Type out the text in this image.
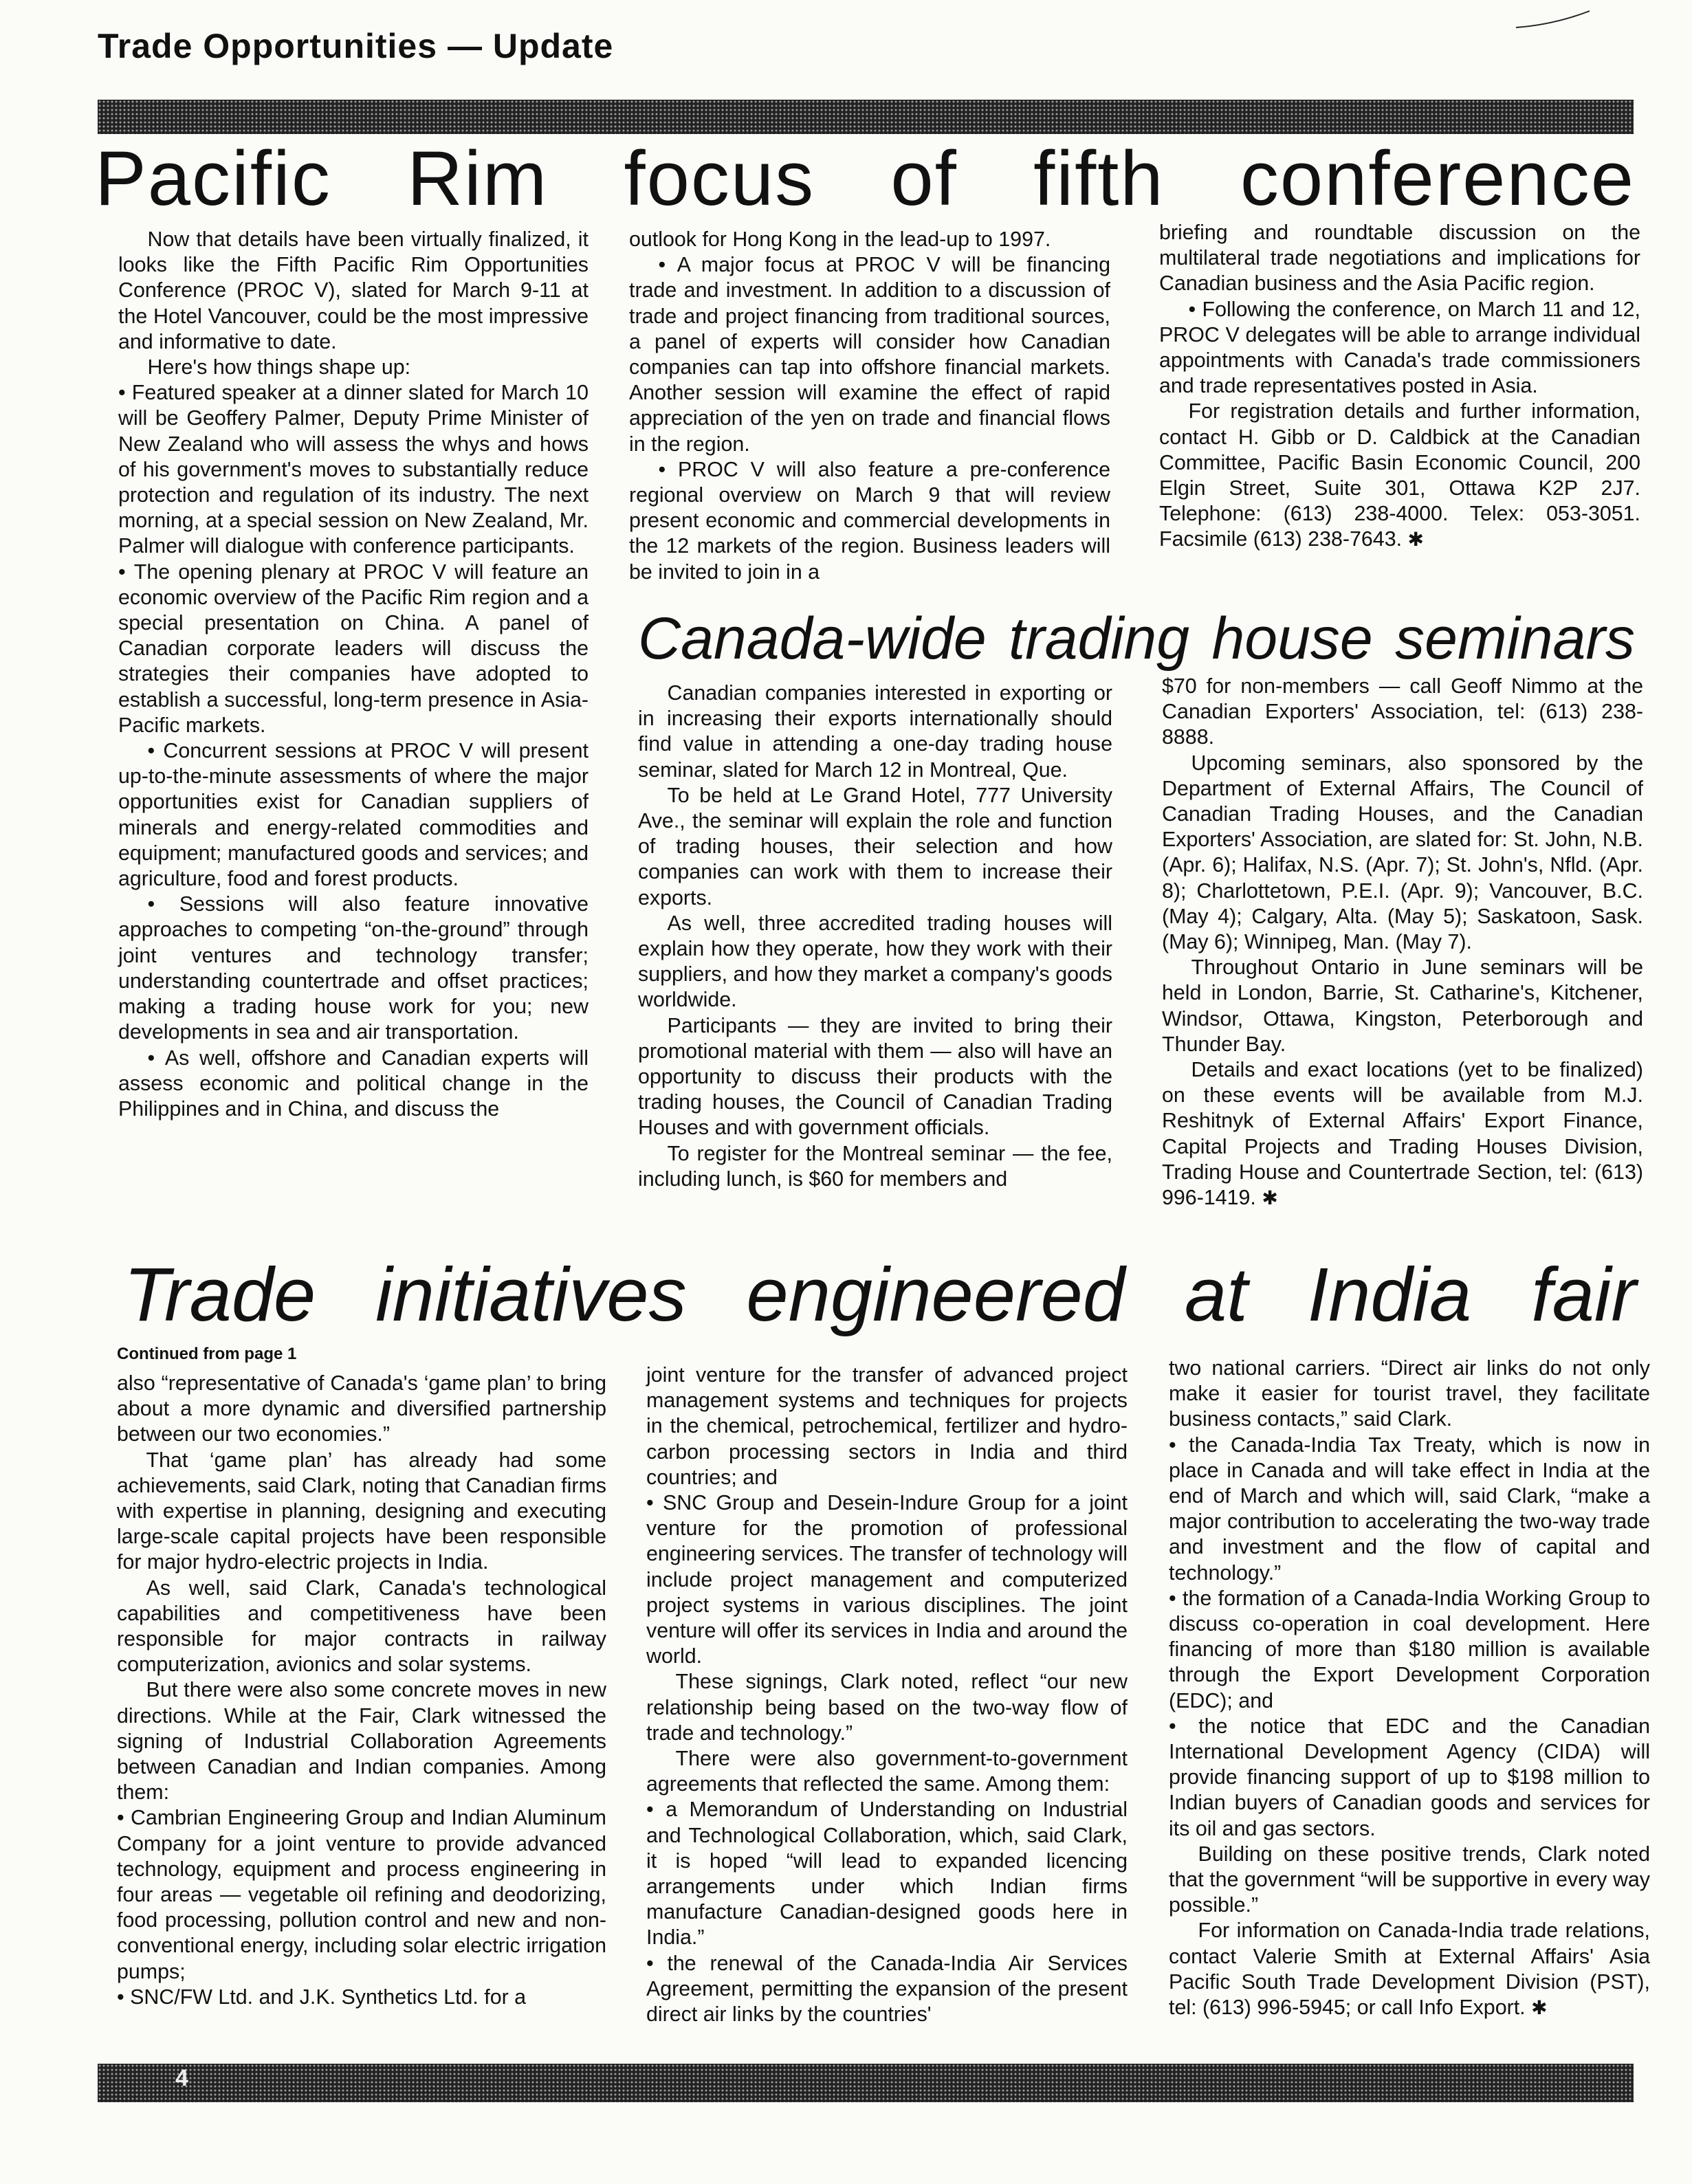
Trade Opportunities — Update

Pacific Rim focus of fifth conference

Now that details have been virtually finalized, it looks like the Fifth Pacific Rim Opportunities Conference (PROC V), slated for March 9-11 at the Hotel Vancouver, could be the most impressive and informative to date.

Here's how things shape up:

• Featured speaker at a dinner slated for March 10 will be Geoffery Palmer, Deputy Prime Minister of New Zealand who will assess the whys and hows of his government's moves to substantially reduce protection and regulation of its industry. The next morning, at a special session on New Zealand, Mr. Palmer will dialogue with conference participants.

• The opening plenary at PROC V will feature an economic overview of the Pacific Rim region and a special presentation on China. A panel of Canadian corporate leaders will discuss the strategies their companies have adopted to establish a successful, long-term presence in Asia-Pacific markets.

• Concurrent sessions at PROC V will present up-to-the-minute assessments of where the major opportunities exist for Canadian suppliers of minerals and energy-related commodities and equipment; manufactured goods and services; and agriculture, food and forest products.

• Sessions will also feature innovative approaches to competing “on-the-ground” through joint ventures and technology transfer; understanding countertrade and offset practices; making a trading house work for you; new developments in sea and air transportation.

• As well, offshore and Canadian experts will assess economic and political change in the Philippines and in China, and discuss the

outlook for Hong Kong in the lead-up to 1997.

• A major focus at PROC V will be financing trade and investment. In addition to a discussion of trade and project financing from traditional sources, a panel of experts will consider how Canadian companies can tap into offshore financial markets. Another session will examine the effect of rapid appreciation of the yen on trade and financial flows in the region.

• PROC V will also feature a pre-conference regional overview on March 9 that will review present economic and commercial developments in the 12 markets of the region. Business leaders will be invited to join in a

briefing and roundtable discussion on the multilateral trade negotiations and implications for Canadian business and the Asia Pacific region.

• Following the conference, on March 11 and 12, PROC V delegates will be able to arrange individual appointments with Canada's trade commissioners and trade representatives posted in Asia.

For registration details and further information, contact H. Gibb or D. Caldbick at the Canadian Committee, Pacific Basin Economic Council, 200 Elgin Street, Suite 301, Ottawa K2P 2J7. Telephone: (613) 238-4000. Telex: 053-3051. Facsimile (613) 238-7643. ✱

Canada-wide trading house seminars

Canadian companies interested in exporting or in increasing their exports internationally should find value in attending a one-day trading house seminar, slated for March 12 in Montreal, Que.

To be held at Le Grand Hotel, 777 University Ave., the seminar will explain the role and function of trading houses, their selection and how companies can work with them to increase their exports.

As well, three accredited trading houses will explain how they operate, how they work with their suppliers, and how they market a company's goods worldwide.

Participants — they are invited to bring their promotional material with them — also will have an opportunity to discuss their products with the trading houses, the Council of Canadian Trading Houses and with government officials.

To register for the Montreal seminar — the fee, including lunch, is $60 for members and

$70 for non-members — call Geoff Nimmo at the Canadian Exporters' Association, tel: (613) 238-8888.

Upcoming seminars, also sponsored by the Department of External Affairs, The Council of Canadian Trading Houses, and the Canadian Exporters' Association, are slated for: St. John, N.B. (Apr. 6); Halifax, N.S. (Apr. 7); St. John's, Nfld. (Apr. 8); Charlottetown, P.E.I. (Apr. 9); Vancouver, B.C. (May 4); Calgary, Alta. (May 5); Saskatoon, Sask. (May 6); Winnipeg, Man. (May 7).

Throughout Ontario in June seminars will be held in London, Barrie, St. Catharine's, Kitchener, Windsor, Ottawa, Kingston, Peterborough and Thunder Bay.

Details and exact locations (yet to be finalized) on these events will be available from M.J. Reshitnyk of External Affairs' Export Finance, Capital Projects and Trading Houses Division, Trading House and Countertrade Section, tel: (613) 996-1419. ✱

Trade initiatives engineered at India fair

Continued from page 1

also “representative of Canada's ‘game plan’ to bring about a more dynamic and diversified partnership between our two economies.”

That ‘game plan’ has already had some achievements, said Clark, noting that Canadian firms with expertise in planning, designing and executing large-scale capital projects have been responsible for major hydro-electric projects in India.

As well, said Clark, Canada's technological capabilities and competitiveness have been responsible for major contracts in railway computerization, avionics and solar systems.

But there were also some concrete moves in new directions. While at the Fair, Clark witnessed the signing of Industrial Collaboration Agreements between Canadian and Indian companies. Among them:

• Cambrian Engineering Group and Indian Aluminum Company for a joint venture to provide advanced technology, equipment and process engineering in four areas — vegetable oil refining and deodorizing, food processing, pollution control and new and non-conventional energy, including solar electric irrigation pumps;

• SNC/FW Ltd. and J.K. Synthetics Ltd. for a

joint venture for the transfer of advanced project management systems and techniques for projects in the chemical, petrochemical, fertilizer and hydro-carbon processing sectors in India and third countries; and

• SNC Group and Desein-Indure Group for a joint venture for the promotion of professional engineering services. The transfer of technology will include project management and computerized project systems in various disciplines. The joint venture will offer its services in India and around the world.

These signings, Clark noted, reflect “our new relationship being based on the two-way flow of trade and technology.”

There were also government-to-government agreements that reflected the same. Among them:

• a Memorandum of Understanding on Industrial and Technological Collaboration, which, said Clark, it is hoped “will lead to expanded licencing arrangements under which Indian firms manufacture Canadian-designed goods here in India.”

• the renewal of the Canada-India Air Services Agreement, permitting the expansion of the present direct air links by the countries'

two national carriers. “Direct air links do not only make it easier for tourist travel, they facilitate business contacts,” said Clark.

• the Canada-India Tax Treaty, which is now in place in Canada and will take effect in India at the end of March and which will, said Clark, “make a major contribution to accelerating the two-way trade and investment and the flow of capital and technology.”

• the formation of a Canada-India Working Group to discuss co-operation in coal development. Here financing of more than $180 million is available through the Export Development Corporation (EDC); and

• the notice that EDC and the Canadian International Development Agency (CIDA) will provide financing support of up to $198 million to Indian buyers of Canadian goods and services for its oil and gas sectors.

Building on these positive trends, Clark noted that the government “will be supportive in every way possible.”

For information on Canada-India trade relations, contact Valerie Smith at External Affairs' Asia Pacific South Trade Development Division (PST), tel: (613) 996-5945; or call Info Export. ✱

4
